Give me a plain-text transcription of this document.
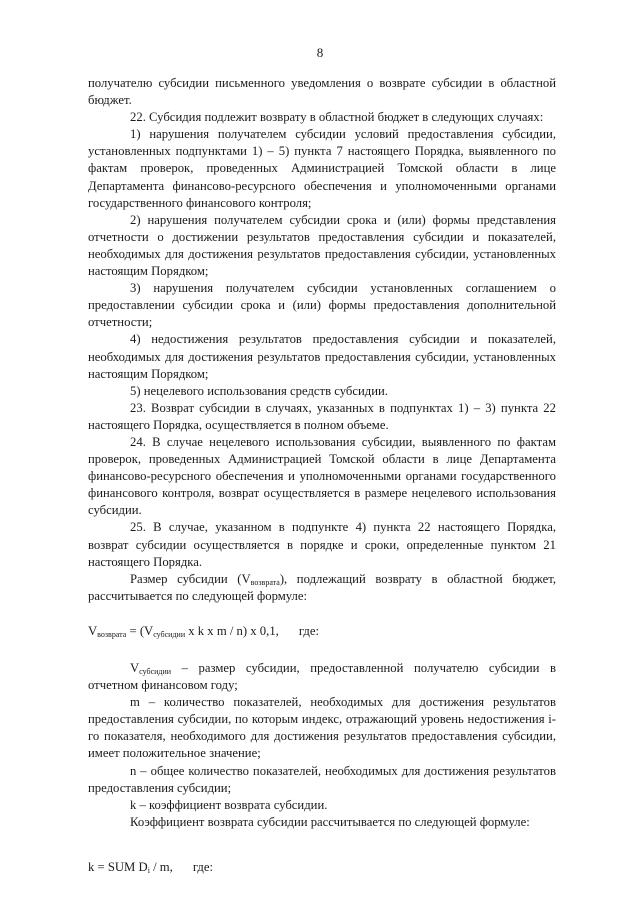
8

получателю субсидии письменного уведомления о возврате субсидии в областной бюджет.

22. Субсидия подлежит возврату в областной бюджет в следующих случаях:

1) нарушения получателем субсидии условий предоставления субсидии, установленных подпунктами 1) – 5) пункта 7 настоящего Порядка, выявленного по фактам проверок, проведенных Администрацией Томской области в лице Департамента финансово-ресурсного обеспечения и уполномоченными органами государственного финансового контроля;

2) нарушения получателем субсидии срока и (или) формы представления отчетности о достижении результатов предоставления субсидии и показателей, необходимых для достижения результатов предоставления субсидии, установленных настоящим Порядком;

3) нарушения получателем субсидии установленных соглашением о предоставлении субсидии срока и (или) формы предоставления дополнительной отчетности;

4) недостижения результатов предоставления субсидии и показателей, необходимых для достижения результатов предоставления субсидии, установленных настоящим Порядком;

5) нецелевого использования средств субсидии.

23. Возврат субсидии в случаях, указанных в подпунктах 1) – 3) пункта 22 настоящего Порядка, осуществляется в полном объеме.

24. В случае нецелевого использования субсидии, выявленного по фактам проверок, проведенных Администрацией Томской области в лице Департамента финансово-ресурсного обеспечения и уполномоченными органами государственного финансового контроля, возврат осуществляется в размере нецелевого использования субсидии.

25. В случае, указанном в подпункте 4) пункта 22 настоящего Порядка, возврат субсидии осуществляется в порядке и сроки, определенные пунктом 21 настоящего Порядка.

Размер субсидии $(V_{возврата})$, подлежащий возврату в областной бюджет, рассчитывается по следующей формуле:

$V_{возврата} = (V_{субсидии}$ x k x m / n) x 0,1, где:

$V_{субсидии}$ – размер субсидии, предоставленной получателю субсидии в отчетном финансовом году;

m – количество показателей, необходимых для достижения результатов предоставления субсидии, по которым индекс, отражающий уровень недостижения i-го показателя, необходимого для достижения результатов предоставления субсидии, имеет положительное значение;

n – общее количество показателей, необходимых для достижения результатов предоставления субсидии;

k – коэффициент возврата субсидии.

Коэффициент возврата субсидии рассчитывается по следующей формуле:

k = SUM $D_i$ / m, где:
